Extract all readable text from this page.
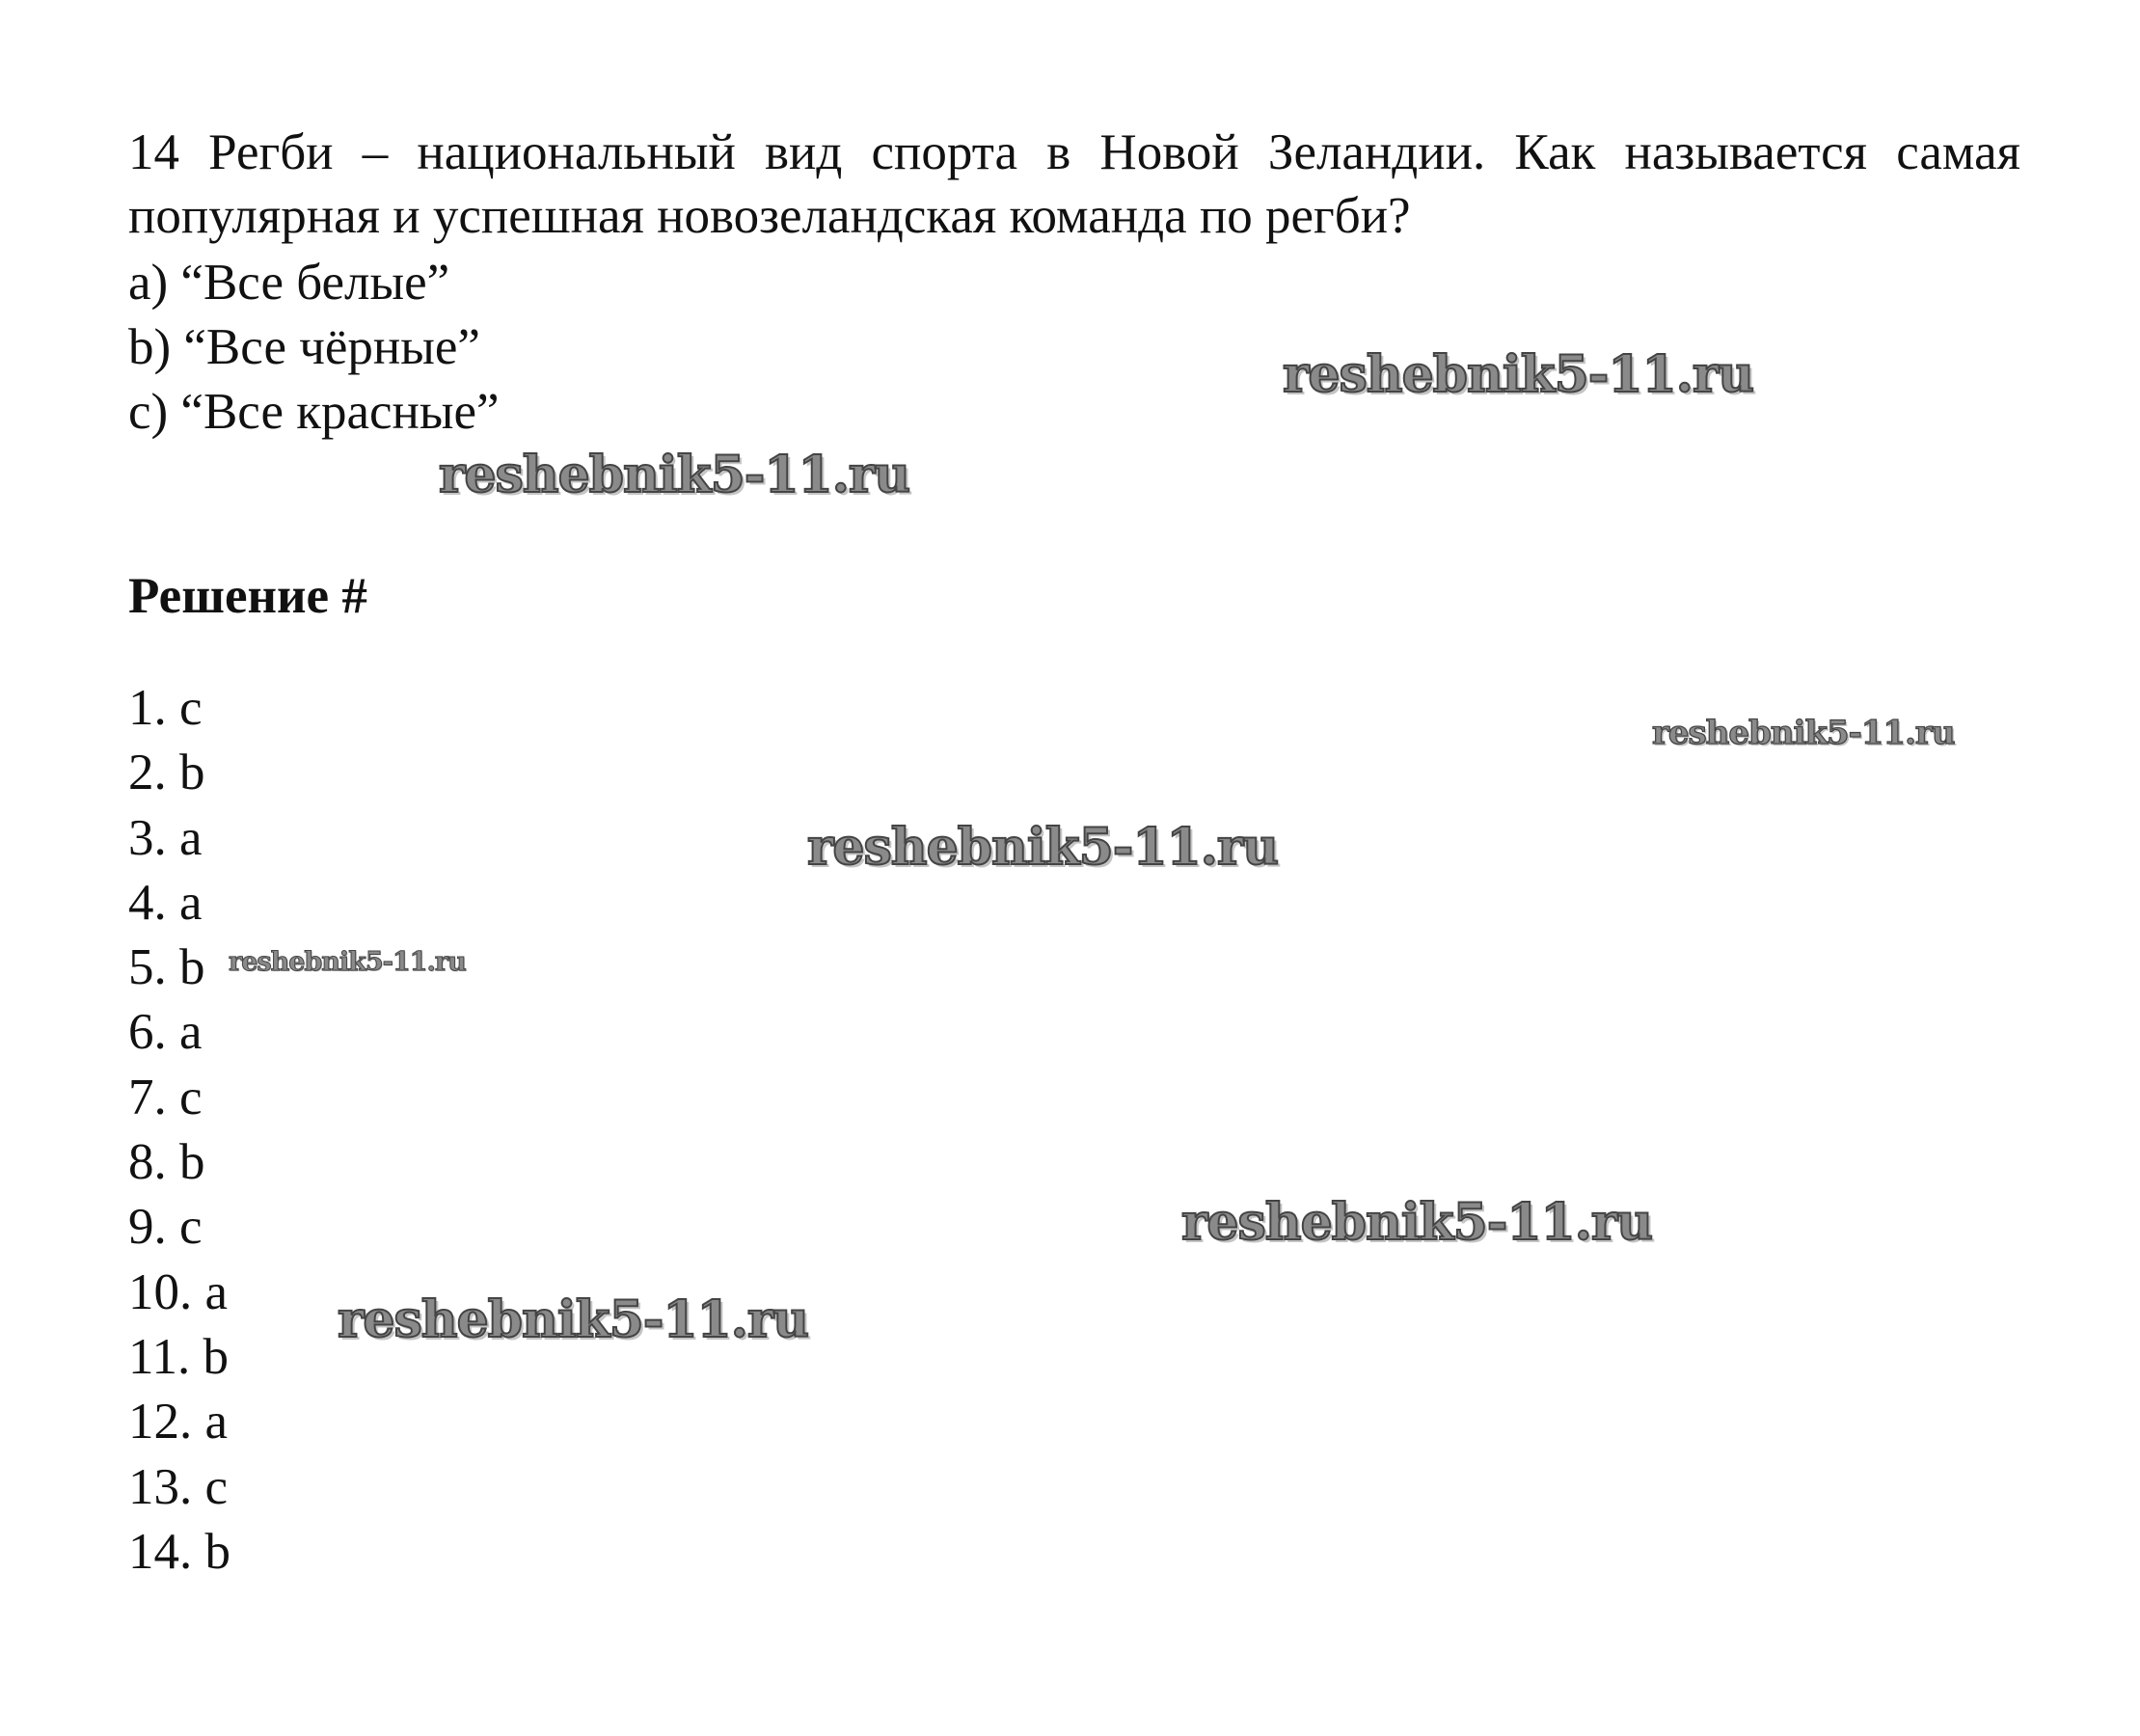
14 Регби – национальный вид спорта в Новой Зеландии. Как называется самая популярная и успешная новозеландская команда по регби?

a) “Все белые”
b) “Все чёрные”
c) “Все красные”
Решение #
1. c
2. b
3. a
4. a
5. b
6. a
7. c
8. b
9. c
10. a
11. b
12. a
13. c
14. b
reshebnik5-11.ru
reshebnik5-11.ru
reshebnik5-11.ru
reshebnik5-11.ru
reshebnik5-11.ru
reshebnik5-11.ru
reshebnik5-11.ru
